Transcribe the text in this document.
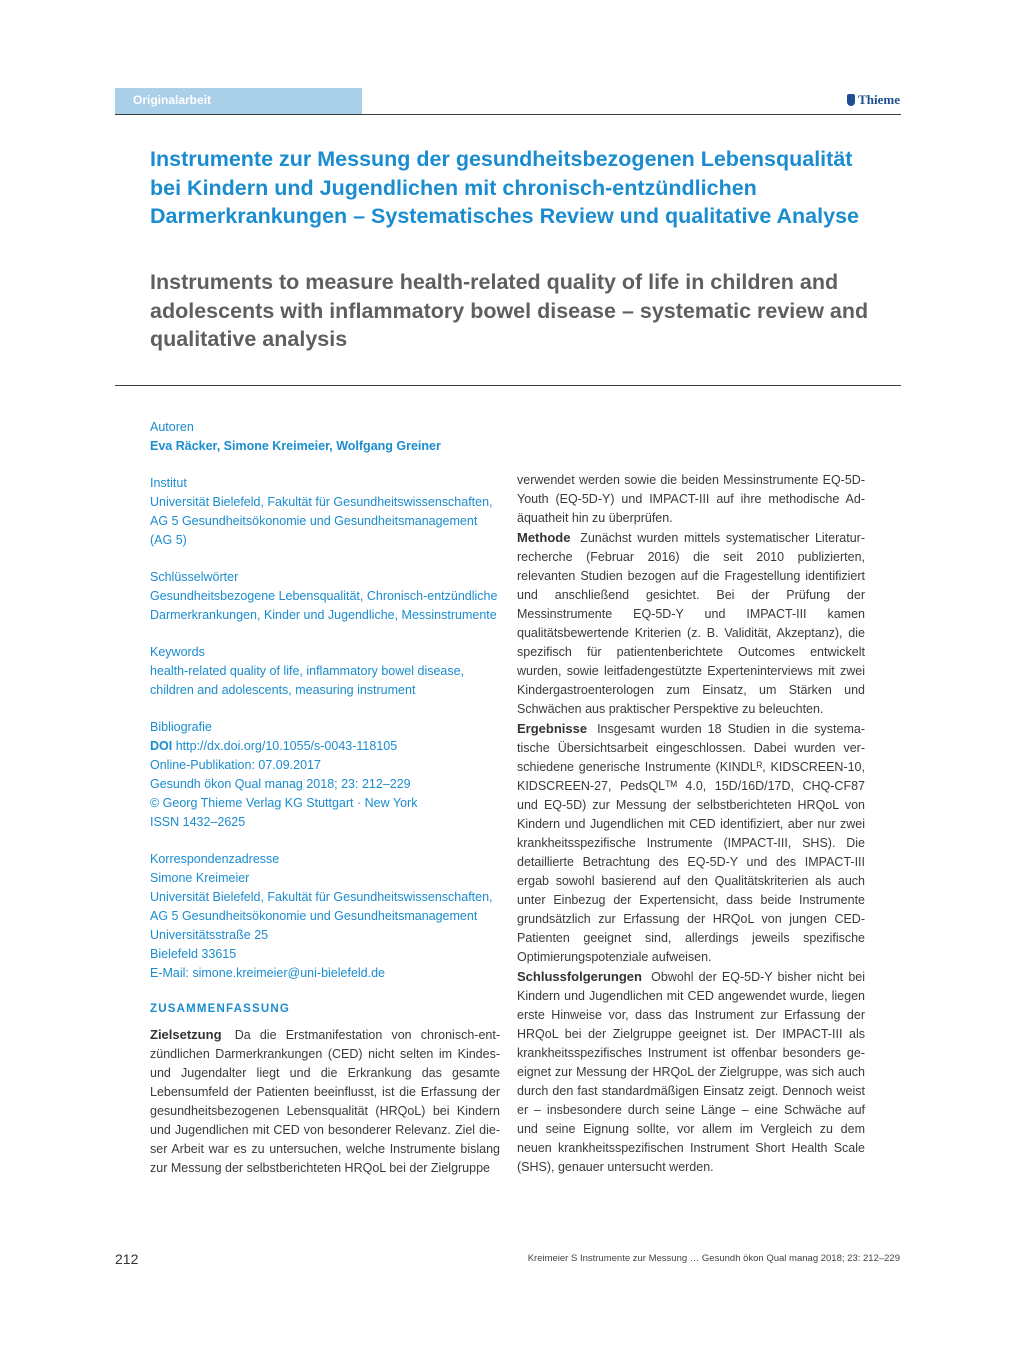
Originalarbeit	Thieme
Instrumente zur Messung der gesundheitsbezogenen Lebensqualität bei Kindern und Jugendlichen mit chronisch-entzündlichen Darmerkrankungen – Systematisches Review und qualitative Analyse
Instruments to measure health-related quality of life in children and adolescents with inflammatory bowel disease – systematic review and qualitative analysis
Autoren
Eva Räcker, Simone Kreimeier, Wolfgang Greiner
Institut
Universität Bielefeld, Fakultät für Gesundheitswissenschaften, AG 5 Gesundheitsökonomie und Gesundheitsmanagement (AG 5)
Schlüsselwörter
Gesundheitsbezogene Lebensqualität, Chronisch-entzündliche Darmerkrankungen, Kinder und Jugendliche, Messinstrumente
Keywords
health-related quality of life, inflammatory bowel disease, children and adolescents, measuring instrument
Bibliografie
DOI http://dx.doi.org/10.1055/s-0043-118105
Online-Publikation: 07.09.2017
Gesundh ökon Qual manag 2018; 23: 212–229
© Georg Thieme Verlag KG Stuttgart · New York
ISSN 1432–2625
Korrespondenzadresse
Simone Kreimeier
Universität Bielefeld, Fakultät für Gesundheitswissenschaften, AG 5 Gesundheitsökonomie und Gesundheitsmanagement
Universitätsstraße 25
Bielefeld 33615
E-Mail: simone.kreimeier@uni-bielefeld.de
ZUSAMMENFASSUNG

Zielsetzung Da die Erstmanifestation von chronisch-entzündlichen Darmerkrankungen (CED) nicht selten im Kindes- und Jugendalter liegt und die Erkrankung das gesamte Lebensumfeld der Patienten beeinflusst, ist die Erfassung der gesundheitsbezogenen Lebensqualität (HRQoL) bei Kindern und Jugendlichen mit CED von besonderer Relevanz. Ziel dieser Arbeit war es zu untersuchen, welche Instrumente bislang zur Messung der selbstberichteten HRQoL bei der Zielgruppe

verwendet werden sowie die beiden Messinstrumente EQ-5D-Youth (EQ-5D-Y) und IMPACT-III auf ihre methodische Adäquatheit hin zu überprüfen.

Methode Zunächst wurden mittels systematischer Literaturrecherche (Februar 2016) die seit 2010 publizierten, relevanten Studien bezogen auf die Fragestellung identifiziert und anschließend gesichtet. Bei der Prüfung der Messinstrumente EQ-5D-Y und IMPACT-III kamen qualitätsbewertende Kriterien (z. B. Validität, Akzeptanz), die spezifisch für patientenberichtete Outcomes entwickelt wurden, sowie leitfadengestützte Experteninterviews mit zwei Kindergastroenterologen zum Einsatz, um Stärken und Schwächen aus praktischer Perspektive zu beleuchten.

Ergebnisse Insgesamt wurden 18 Studien in die systematische Übersichtsarbeit eingeschlossen. Dabei wurden verschiedene generische Instrumente (KINDLᴿ, KIDSCREEN-10, KIDSCREEN-27, PedsQLᵀᴹ 4.0, 15D/16D/17D, CHQ-CF87 und EQ-5D) zur Messung der selbstberichteten HRQoL von Kindern und Jugendlichen mit CED identifiziert, aber nur zwei krankheitsspezifische Instrumente (IMPACT-III, SHS). Die detaillierte Betrachtung des EQ-5D-Y und des IMPACT-III ergab sowohl basierend auf den Qualitätskriterien als auch unter Einbezug der Expertensicht, dass beide Instrumente grundsätzlich zur Erfassung der HRQoL von jungen CED-Patienten geeignet sind, allerdings jeweils spezifische Optimierungspotenziale aufweisen.

Schlussfolgerungen Obwohl der EQ-5D-Y bisher nicht bei Kindern und Jugendlichen mit CED angewendet wurde, liegen erste Hinweise vor, dass das Instrument zur Erfassung der HRQoL bei der Zielgruppe geeignet ist. Der IMPACT-III als krankheitsspezifisches Instrument ist offenbar besonders geeignet zur Messung der HRQoL der Zielgruppe, was sich auch durch den fast standardmäßigen Einsatz zeigt. Dennoch weist er – insbesondere durch seine Länge – eine Schwäche auf und seine Eignung sollte, vor allem im Vergleich zu dem neuen krankheitsspezifischen Instrument Short Health Scale (SHS), genauer untersucht werden.

212	Kreimeier S Instrumente zur Messung … Gesundh ökon Qual manag 2018; 23: 212–229
